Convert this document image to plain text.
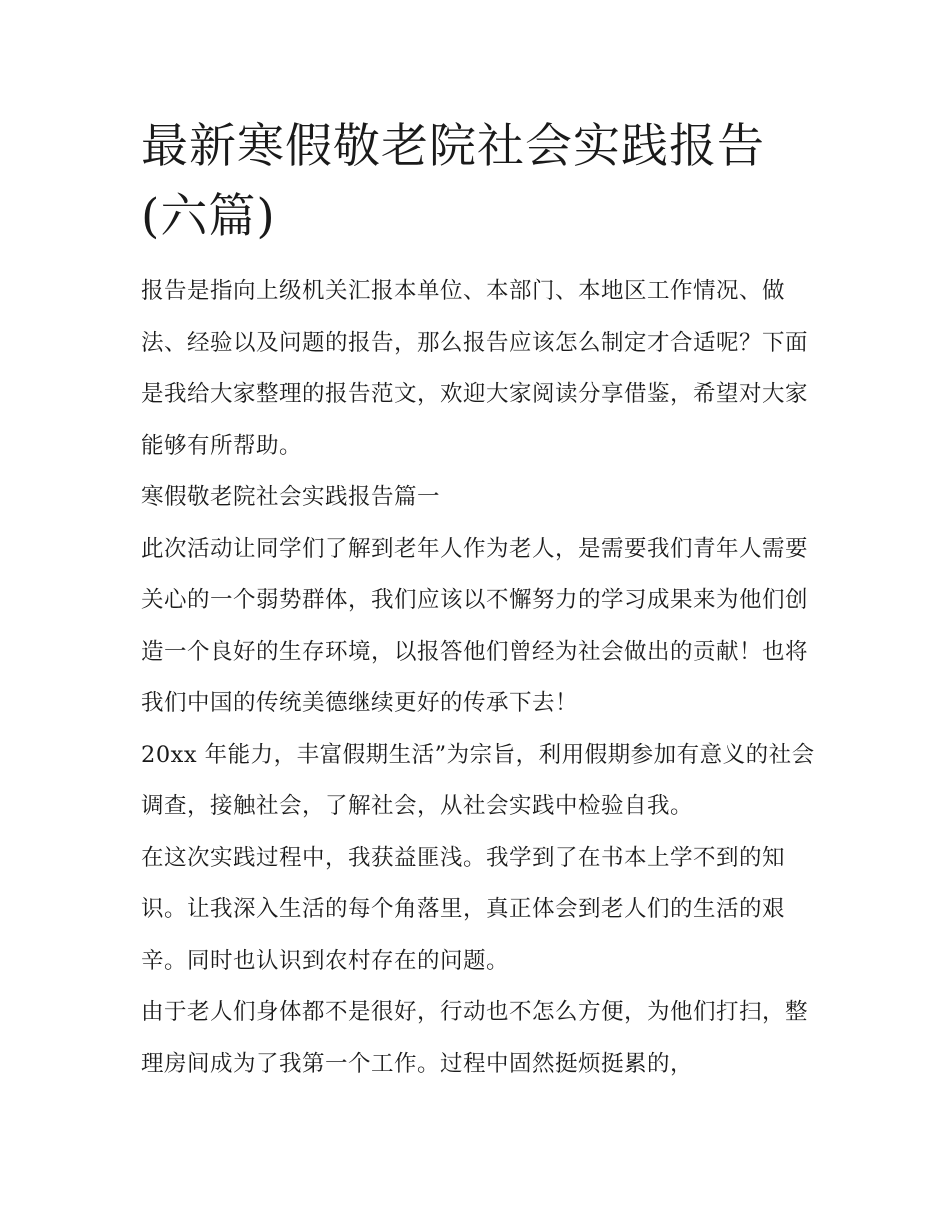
最新寒假敬老院社会实践报告(六篇)

报告是指向上级机关汇报本单位、本部门、本地区工作情况、做法、经验以及问题的报告，那么报告应该怎么制定才合适呢？下面是我给大家整理的报告范文，欢迎大家阅读分享借鉴，希望对大家能够有所帮助。

寒假敬老院社会实践报告篇一

此次活动让同学们了解到老年人作为老人，是需要我们青年人需要关心的一个弱势群体，我们应该以不懈努力的学习成果来为他们创造一个良好的生存环境，以报答他们曾经为社会做出的贡献！也将我们中国的传统美德继续更好的传承下去！

20xx 年能力，丰富假期生活”为宗旨，利用假期参加有意义的社会调查，接触社会，了解社会，从社会实践中检验自我。

在这次实践过程中，我获益匪浅。我学到了在书本上学不到的知识。让我深入生活的每个角落里，真正体会到老人们的生活的艰辛。同时也认识到农村存在的问题。

由于老人们身体都不是很好，行动也不怎么方便，为他们打扫，整理房间成为了我第一个工作。过程中固然挺烦挺累的，
